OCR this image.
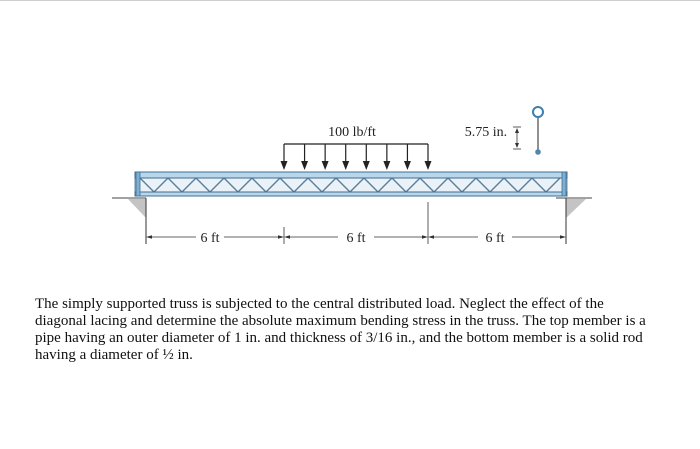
100 lb/ft	5.75 in.
6 ft	6 ft	6 ft

The simply supported truss is subjected to the central distributed load. Neglect the effect of the diagonal lacing and determine the absolute maximum bending stress in the truss. The top member is a pipe having an outer diameter of 1 in. and thickness of 3/16 in., and the bottom member is a solid rod having a diameter of ½ in.
